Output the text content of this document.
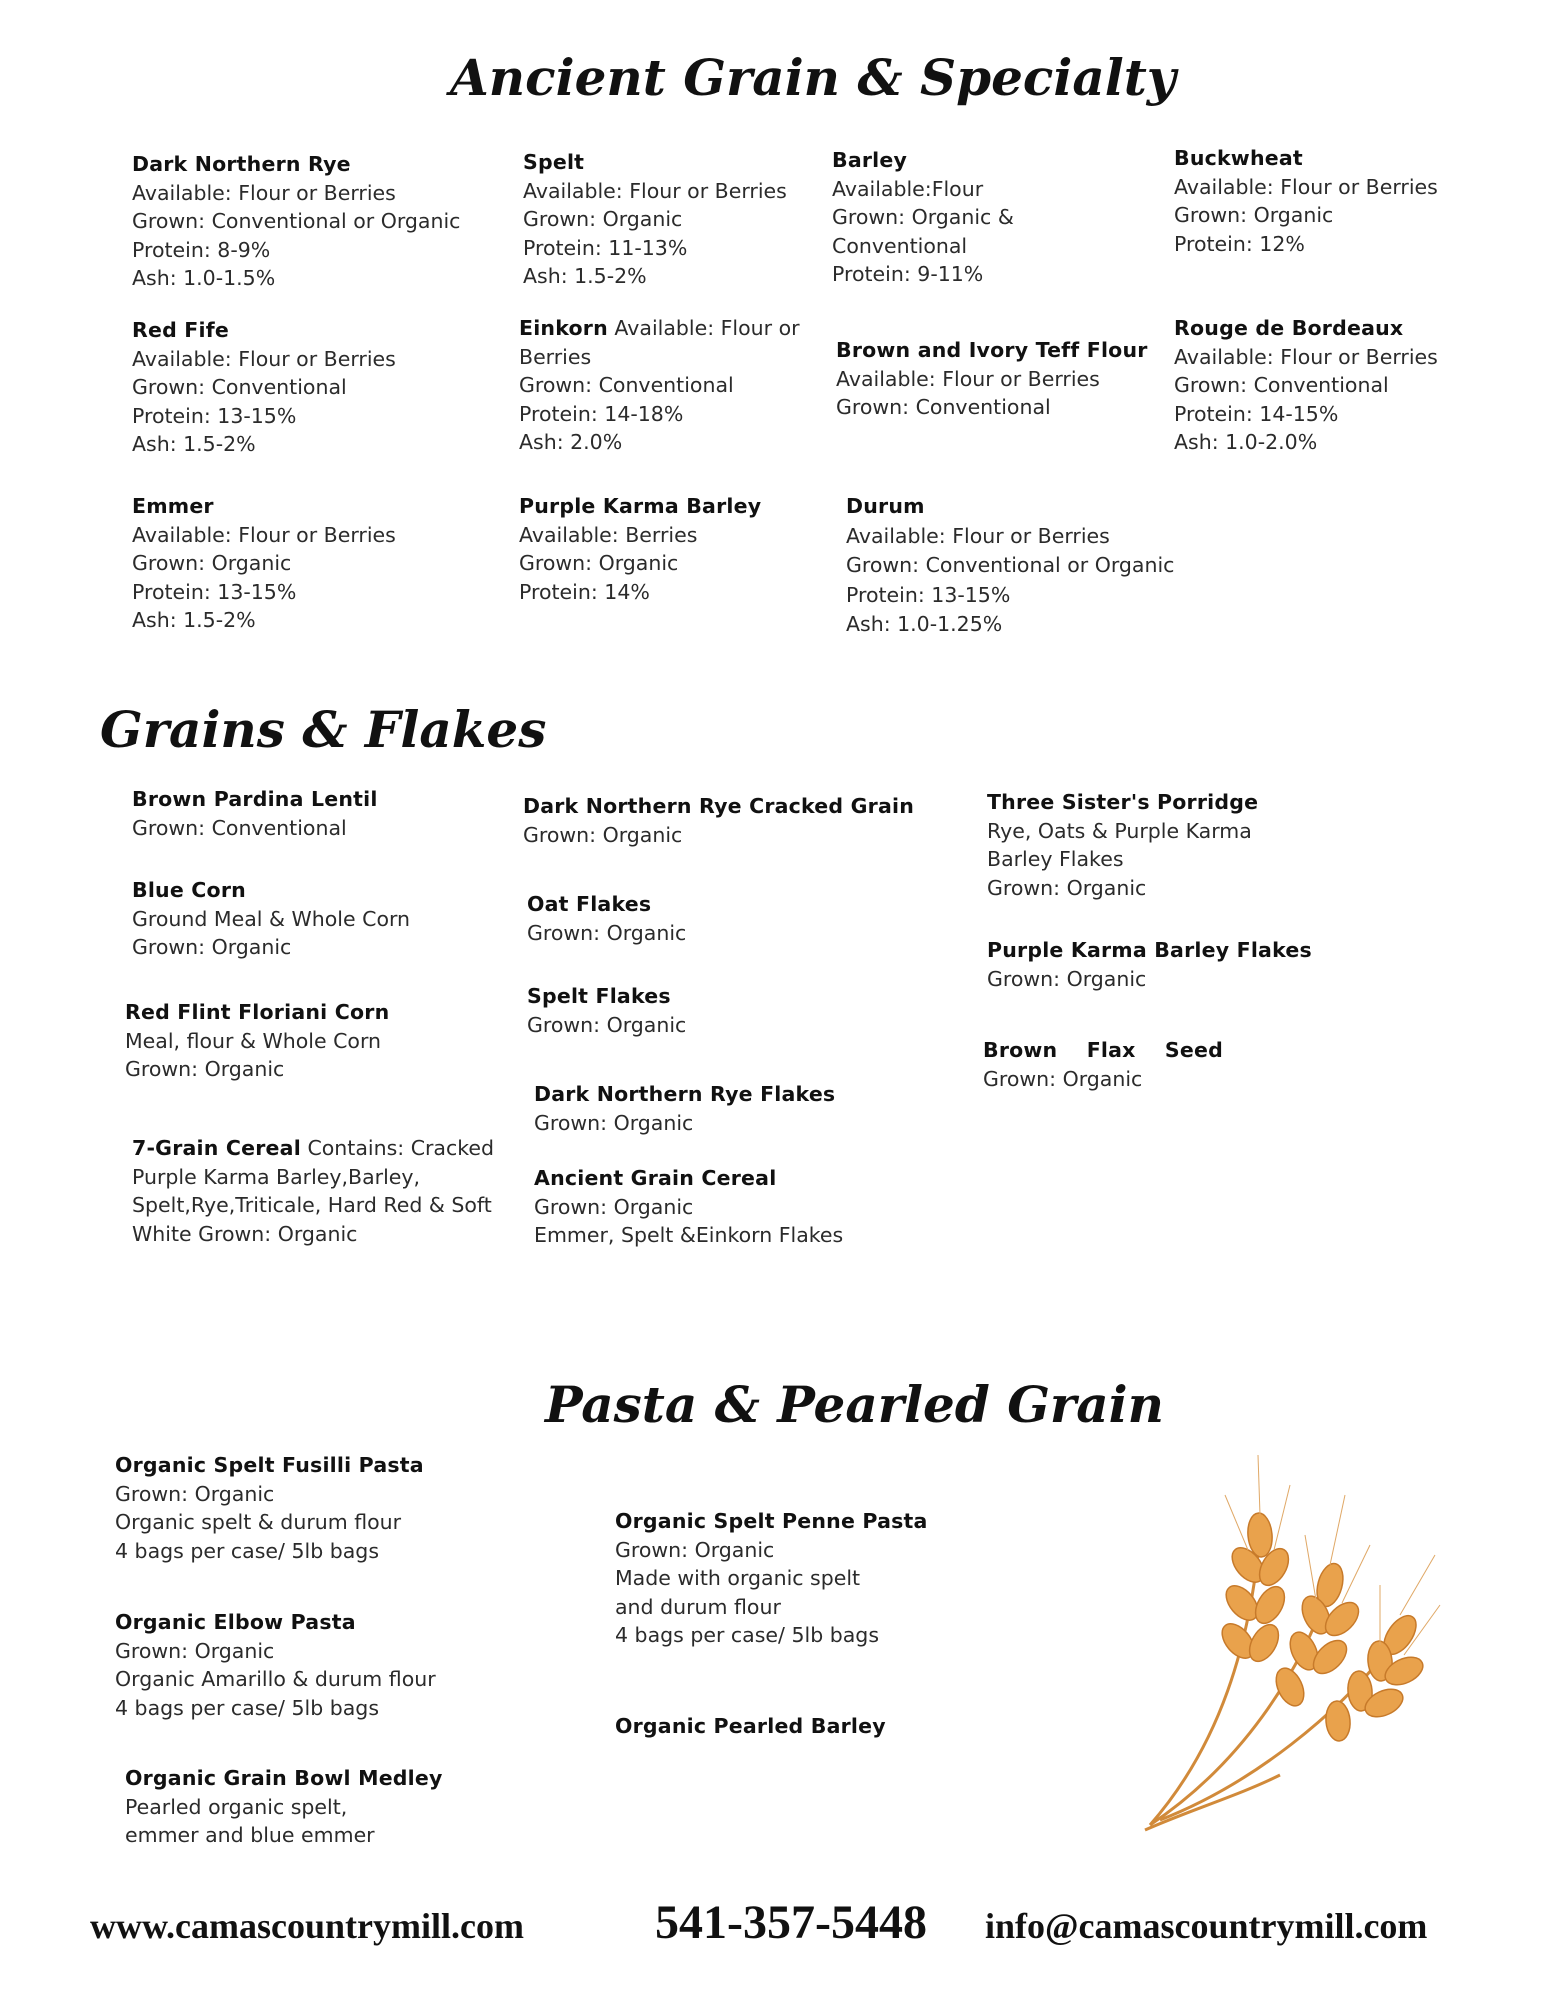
Ancient Grain & Specialty
Grains & Flakes
Pasta & Pearled Grain
Dark Northern Rye
Available: Flour or Berries
Grown: Conventional or Organic
Protein: 8-9%
Ash: 1.0-1.5%
Spelt
Available: Flour or Berries
Grown: Organic
Protein: 11-13%
Ash: 1.5-2%
Barley
Available:Flour
Grown: Organic &
Conventional
Protein: 9-11%
Buckwheat
Available: Flour or Berries
Grown: Organic
Protein: 12%
Red Fife
Available: Flour or Berries
Grown: Conventional
Protein: 13-15%
Ash: 1.5-2%
Einkorn Available: Flour or Berries
Grown: Conventional
Protein: 14-18%
Ash: 2.0%
Brown and Ivory Teff Flour
Available: Flour or Berries
Grown: Conventional
Rouge de Bordeaux
Available: Flour or Berries
Grown: Conventional
Protein: 14-15%
Ash: 1.0-2.0%
Emmer
Available: Flour or Berries
Grown: Organic
Protein: 13-15%
Ash: 1.5-2%
Purple Karma Barley
Available: Berries
Grown: Organic
Protein: 14%
Durum
Available: Flour or Berries
Grown: Conventional or Organic
Protein: 13-15%
Ash: 1.0-1.25%
Brown Pardina Lentil
Grown: Conventional
Blue Corn
Ground Meal & Whole Corn
Grown: Organic
Red Flint Floriani Corn
Meal, flour & Whole Corn
Grown: Organic
7-Grain Cereal Contains: Cracked Purple Karma Barley,Barley, Spelt,Rye,Triticale, Hard Red & Soft White Grown: Organic
Dark Northern Rye Cracked Grain
Grown: Organic
Oat Flakes
Grown: Organic
Spelt Flakes
Grown: Organic
Dark Northern Rye Flakes
Grown: Organic
Ancient Grain Cereal
Grown: Organic
Emmer, Spelt &Einkorn Flakes
Three Sister's Porridge
Rye, Oats & Purple Karma
Barley Flakes
Grown: Organic
Purple Karma Barley Flakes
Grown: Organic
Brown    Flax    Seed
Grown: Organic
Organic Spelt Fusilli Pasta
Grown: Organic
Organic spelt & durum flour
4 bags per case/ 5lb bags
Organic Elbow Pasta
Grown: Organic
Organic Amarillo & durum flour
4 bags per case/ 5lb bags
Organic Grain Bowl Medley
Pearled organic spelt,
emmer and blue emmer
Organic Spelt Penne Pasta
Grown: Organic
Made with organic spelt
and durum flour
4 bags per case/ 5lb bags
Organic Pearled Barley
www.camascountrymill.com	541-357-5448 info@camascountrymill.com
